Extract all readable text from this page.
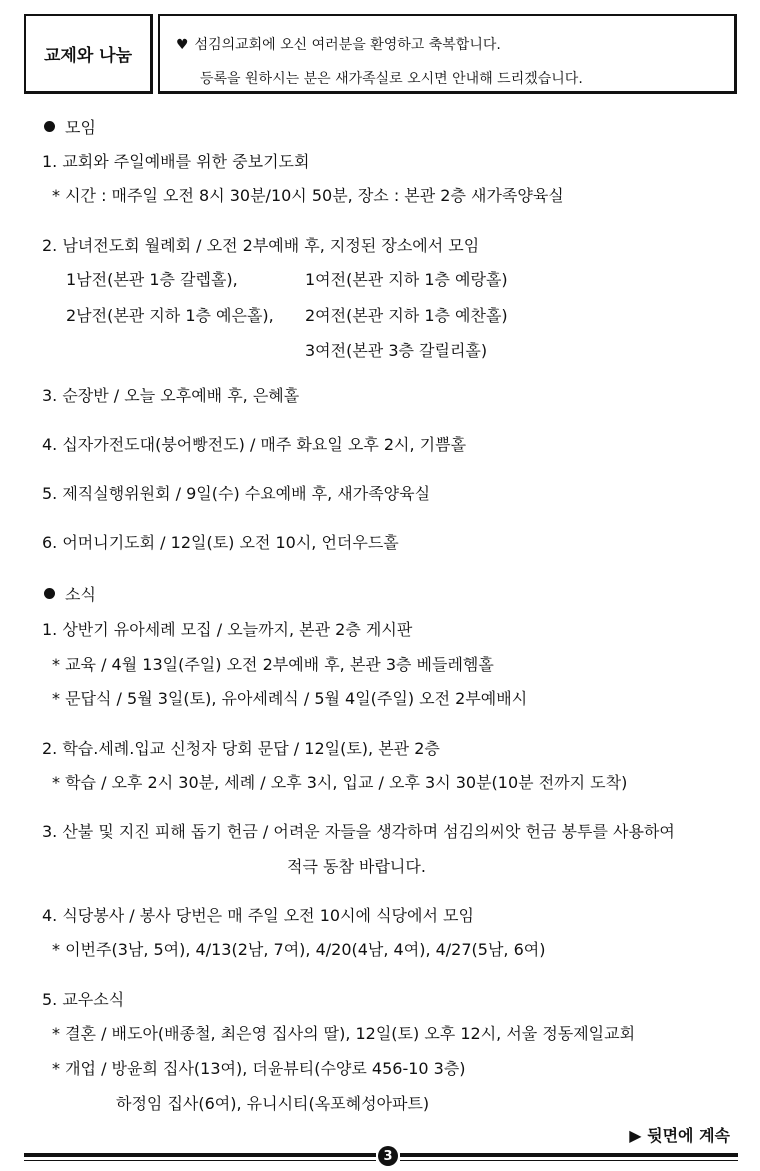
교제와 나눔
♥ 섬김의교회에 오신 여러분을 환영하고 축복합니다.
등록을 원하시는 분은 새가족실로 오시면 안내해 드리겠습니다.
모임
1. 교회와 주일예배를 위한 중보기도회
* 시간 : 매주일 오전 8시 30분/10시 50분, 장소 : 본관 2층 새가족양육실
2. 남녀전도회 월례회 / 오전 2부예배 후, 지정된 장소에서 모임
1남전(본관 1층 갈렙홀),	1여전(본관 지하 1층 예랑홀)
2남전(본관 지하 1층 예은홀), 2여전(본관 지하 1층 예찬홀)
3여전(본관 3층 갈릴리홀)
3. 순장반 / 오늘 오후예배 후, 은혜홀
4. 십자가전도대(붕어빵전도) / 매주 화요일 오후 2시, 기쁨홀
5. 제직실행위원회 / 9일(수) 수요예배 후, 새가족양육실
6. 어머니기도회 / 12일(토) 오전 10시, 언더우드홀
소식
1. 상반기 유아세례 모집 / 오늘까지, 본관 2층 게시판
* 교육 / 4월 13일(주일) 오전 2부예배 후, 본관 3층 베들레헴홀
* 문답식 / 5월 3일(토), 유아세례식 / 5월 4일(주일) 오전 2부예배시
2. 학습.세례.입교 신청자 당회 문답 / 12일(토), 본관 2층
* 학습 / 오후 2시 30분, 세례 / 오후 3시, 입교 / 오후 3시 30분(10분 전까지 도착)
3. 산불 및 지진 피해 돕기 헌금 / 어려운 자들을 생각하며 섬김의씨앗 헌금 봉투를 사용하여
적극 동참 바랍니다.
4. 식당봉사 / 봉사 당번은 매 주일 오전 10시에 식당에서 모임
* 이번주(3남, 5여), 4/13(2남, 7여), 4/20(4남, 4여), 4/27(5남, 6여)
5. 교우소식
* 결혼 / 배도아(배종철, 최은영 집사의 딸), 12일(토) 오후 12시, 서울 정동제일교회
* 개업 / 방윤희 집사(13여), 더윤뷰티(수양로 456-10 3층)
하정임 집사(6여), 유니시티(옥포혜성아파트)
▶ 뒷면에 계속
3
